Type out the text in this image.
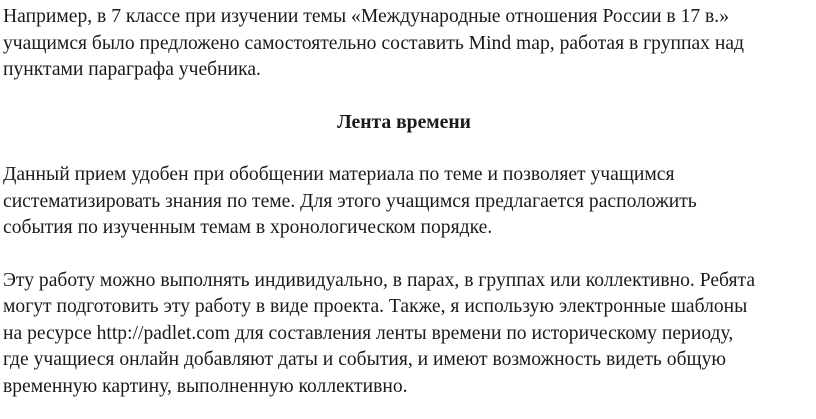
Например, в 7 классе при изучении темы «Международные отношения России в 17 в.»
учащимся было предложено самостоятельно составить Mind map, работая в группах над
пунктами параграфа учебника.

Лента времени

Данный прием удобен при обобщении материала по теме и позволяет учащимся
систематизировать знания по теме. Для этого учащимся предлагается расположить
события по изученным темам в хронологическом порядке.

Эту работу можно выполнять индивидуально, в парах, в группах или коллективно. Ребята
могут подготовить эту работу в виде проекта. Также, я использую электронные шаблоны
на ресурсе http://padlet.com для составления ленты времени по историческому периоду,
где учащиеся онлайн добавляют даты и события, и имеют возможность видеть общую
временную картину, выполненную коллективно.
